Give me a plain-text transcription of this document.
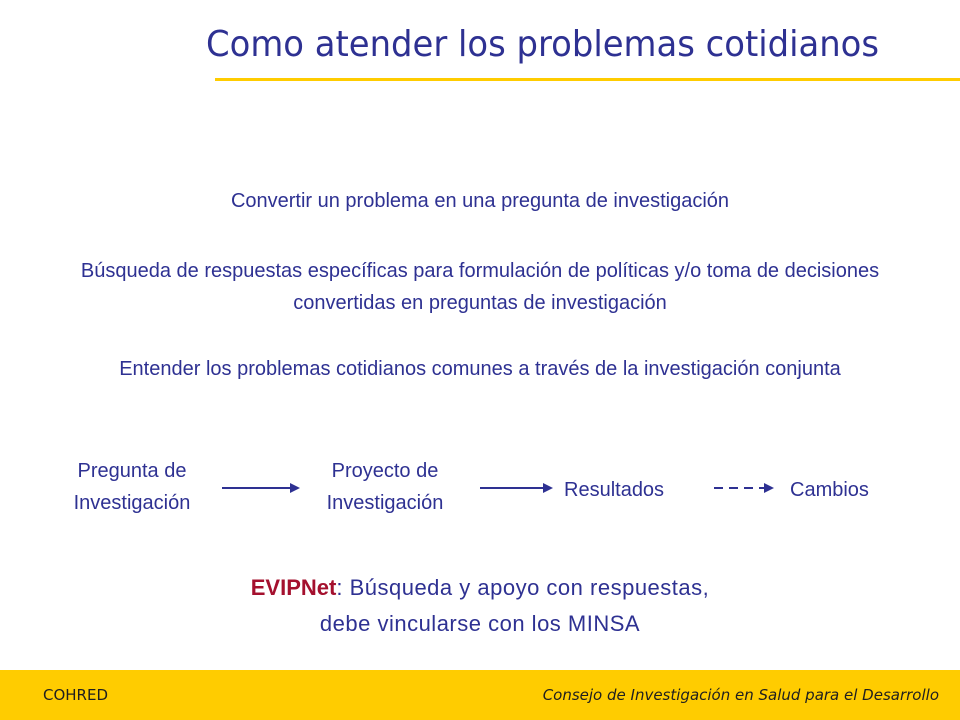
Como atender los problemas cotidianos
Convertir un problema en una pregunta de investigación
Búsqueda de respuestas específicas para formulación de políticas y/o toma de decisiones convertidas en preguntas de investigación
Entender los problemas cotidianos comunes a través de la investigación conjunta
Pregunta de
Investigación
Proyecto de
Investigación
Resultados	Cambios
EVIPNet: Búsqueda y apoyo con respuestas,
debe vincularse con los MINSA
COHRED	Consejo de Investigación en Salud para el Desarrollo
